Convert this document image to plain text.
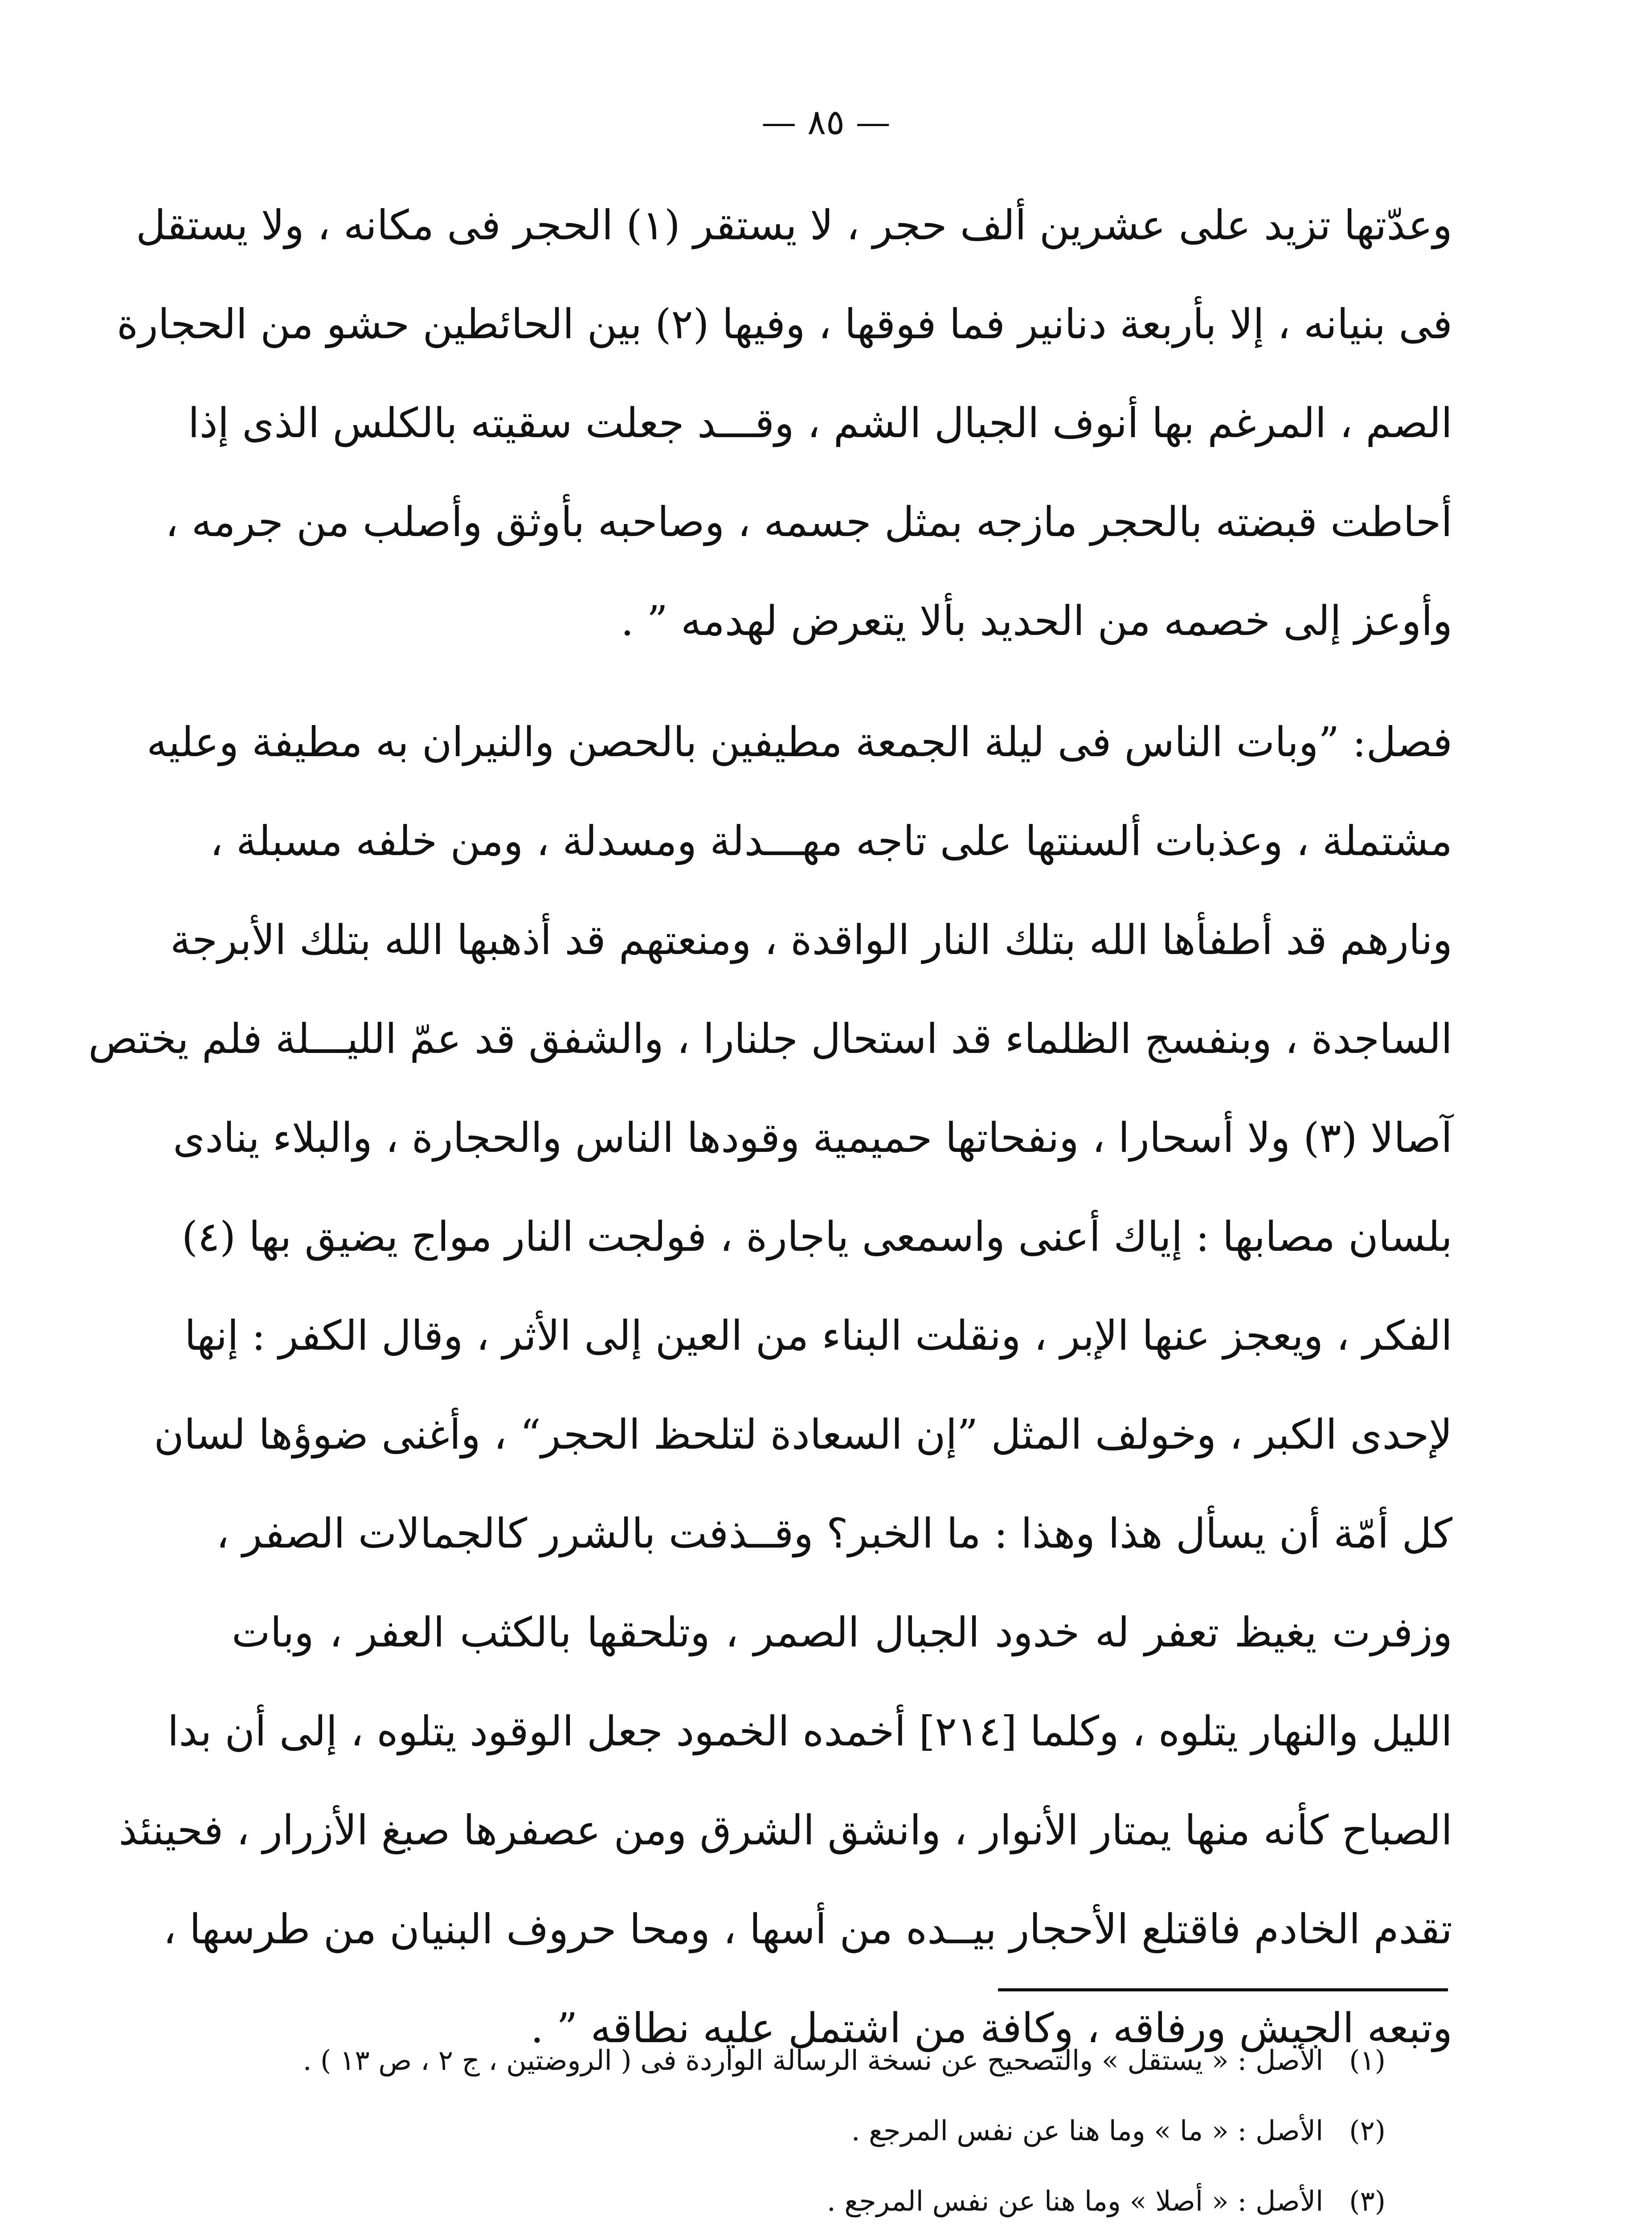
— ٨٥ —
وعدّتها تزيد على عشرين ألف حجر ، لا يستقر (١) الحجر فى مكانه ، ولا يستقل
فى بنيانه ، إلا بأربعة دنانير فما فوقها ، وفيها (٢) بين الحائطين حشو من الحجارة
الصم ، المرغم بها أنوف الجبال الشم ، وقـــد جعلت سقيته بالكلس الذى إذا
أحاطت قبضته بالحجر مازجه بمثل جسمه ، وصاحبه بأوثق وأصلب من جرمه ،
وأوعز إلى خصمه من الحديد بألا يتعرض لهدمه ” .
فصل: ”وبات الناس فى ليلة الجمعة مطيفين بالحصن والنيران به مطيفة وعليه
مشتملة ، وعذبات ألسنتها على تاجه مهـــدلة ومسدلة ، ومن خلفه مسبلة ،
ونارهم قد أطفأها الله بتلك النار الواقدة ، ومنعتهم قد أذهبها الله بتلك الأبرجة
الساجدة ، وبنفسج الظلماء قد استحال جلنارا ، والشفق قد عمّ الليـــلة فلم يختص
آصالا (٣) ولا أسحارا ، ونفحاتها حميمية وقودها الناس والحجارة ، والبلاء ينادى
بلسان مصابها : إياك أعنى واسمعى ياجارة ، فولجت النار مواج يضيق بها (٤)
الفكر ، ويعجز عنها الإبر ، ونقلت البناء من العين إلى الأثر ، وقال الكفر : إنها
لإحدى الكبر ، وخولف المثل ”إن السعادة لتلحظ الحجر“ ، وأغنى ضوؤها لسان
كل أمّة أن يسأل هذا وهذا : ما الخبر؟ وقــذفت بالشرر كالجمالات الصفر ،
وزفرت يغيظ تعفر له خدود الجبال الصمر ، وتلحقها بالكثب العفر ، وبات
الليل والنهار يتلوه ، وكلما [٢١٤] أخمده الخمود جعل الوقود يتلوه ، إلى أن بدا
الصباح كأنه منها يمتار الأنوار ، وانشق الشرق ومن عصفرها صبغ الأزرار ، فحينئذ
تقدم الخادم فاقتلع الأحجار بيــده من أسها ، ومحا حروف البنيان من طرسها ،
وتبعه الجيش ورفاقه ، وكافة من اشتمل عليه نطاقه ” .
(١) الأصل : « يستقل » والتصحيح عن نسخة الرسالة الواردة فى ( الروضتين ، ج ٢ ، ص ١٣ ) .
(٢) الأصل : « ما » وما هنا عن نفس المرجع .
(٣) الأصل : « أصلا » وما هنا عن نفس المرجع .
